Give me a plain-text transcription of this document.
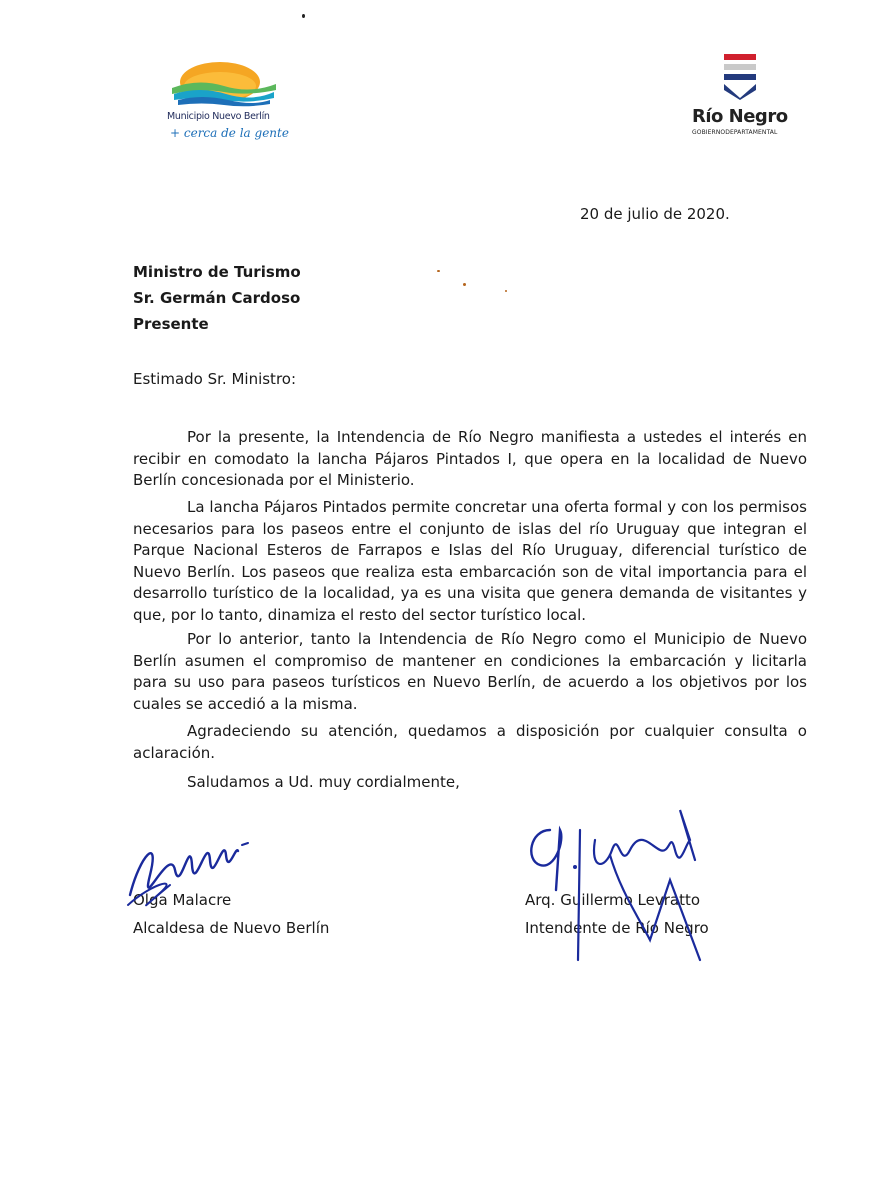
Municipio Nuevo Berlín
+ cerca de la gente
Río Negro
GOBIERNODEPARTAMENTAL
20 de julio de 2020.
Ministro de Turismo
Sr. Germán Cardoso
Presente
Estimado Sr. Ministro:

Por la presente, la Intendencia de Río Negro manifiesta a ustedes el interés en recibir en comodato la lancha Pájaros Pintados I, que opera en la localidad de Nuevo Berlín concesionada por el Ministerio.

La lancha Pájaros Pintados permite concretar una oferta formal y con los permisos necesarios para los paseos entre el conjunto de islas del río Uruguay que integran el Parque Nacional Esteros de Farrapos e Islas del Río Uruguay, diferencial turístico de Nuevo Berlín. Los paseos que realiza esta embarcación son de vital importancia para el desarrollo turístico de la localidad, ya es una visita que genera demanda de visitantes y que, por lo tanto, dinamiza el resto del sector turístico local.

Por lo anterior, tanto la Intendencia de Río Negro como el Municipio de Nuevo Berlín asumen el compromiso de mantener en condiciones la embarcación y licitarla para su uso para paseos turísticos en Nuevo Berlín, de acuerdo a los objetivos por los cuales se accedió a la misma.

Agradeciendo su atención, quedamos a disposición por cualquier consulta o aclaración.

Saludamos a Ud. muy cordialmente,
Olga Malacre
Alcaldesa de Nuevo Berlín
Arq. Guillermo Levratto
Intendente de Río Negro
